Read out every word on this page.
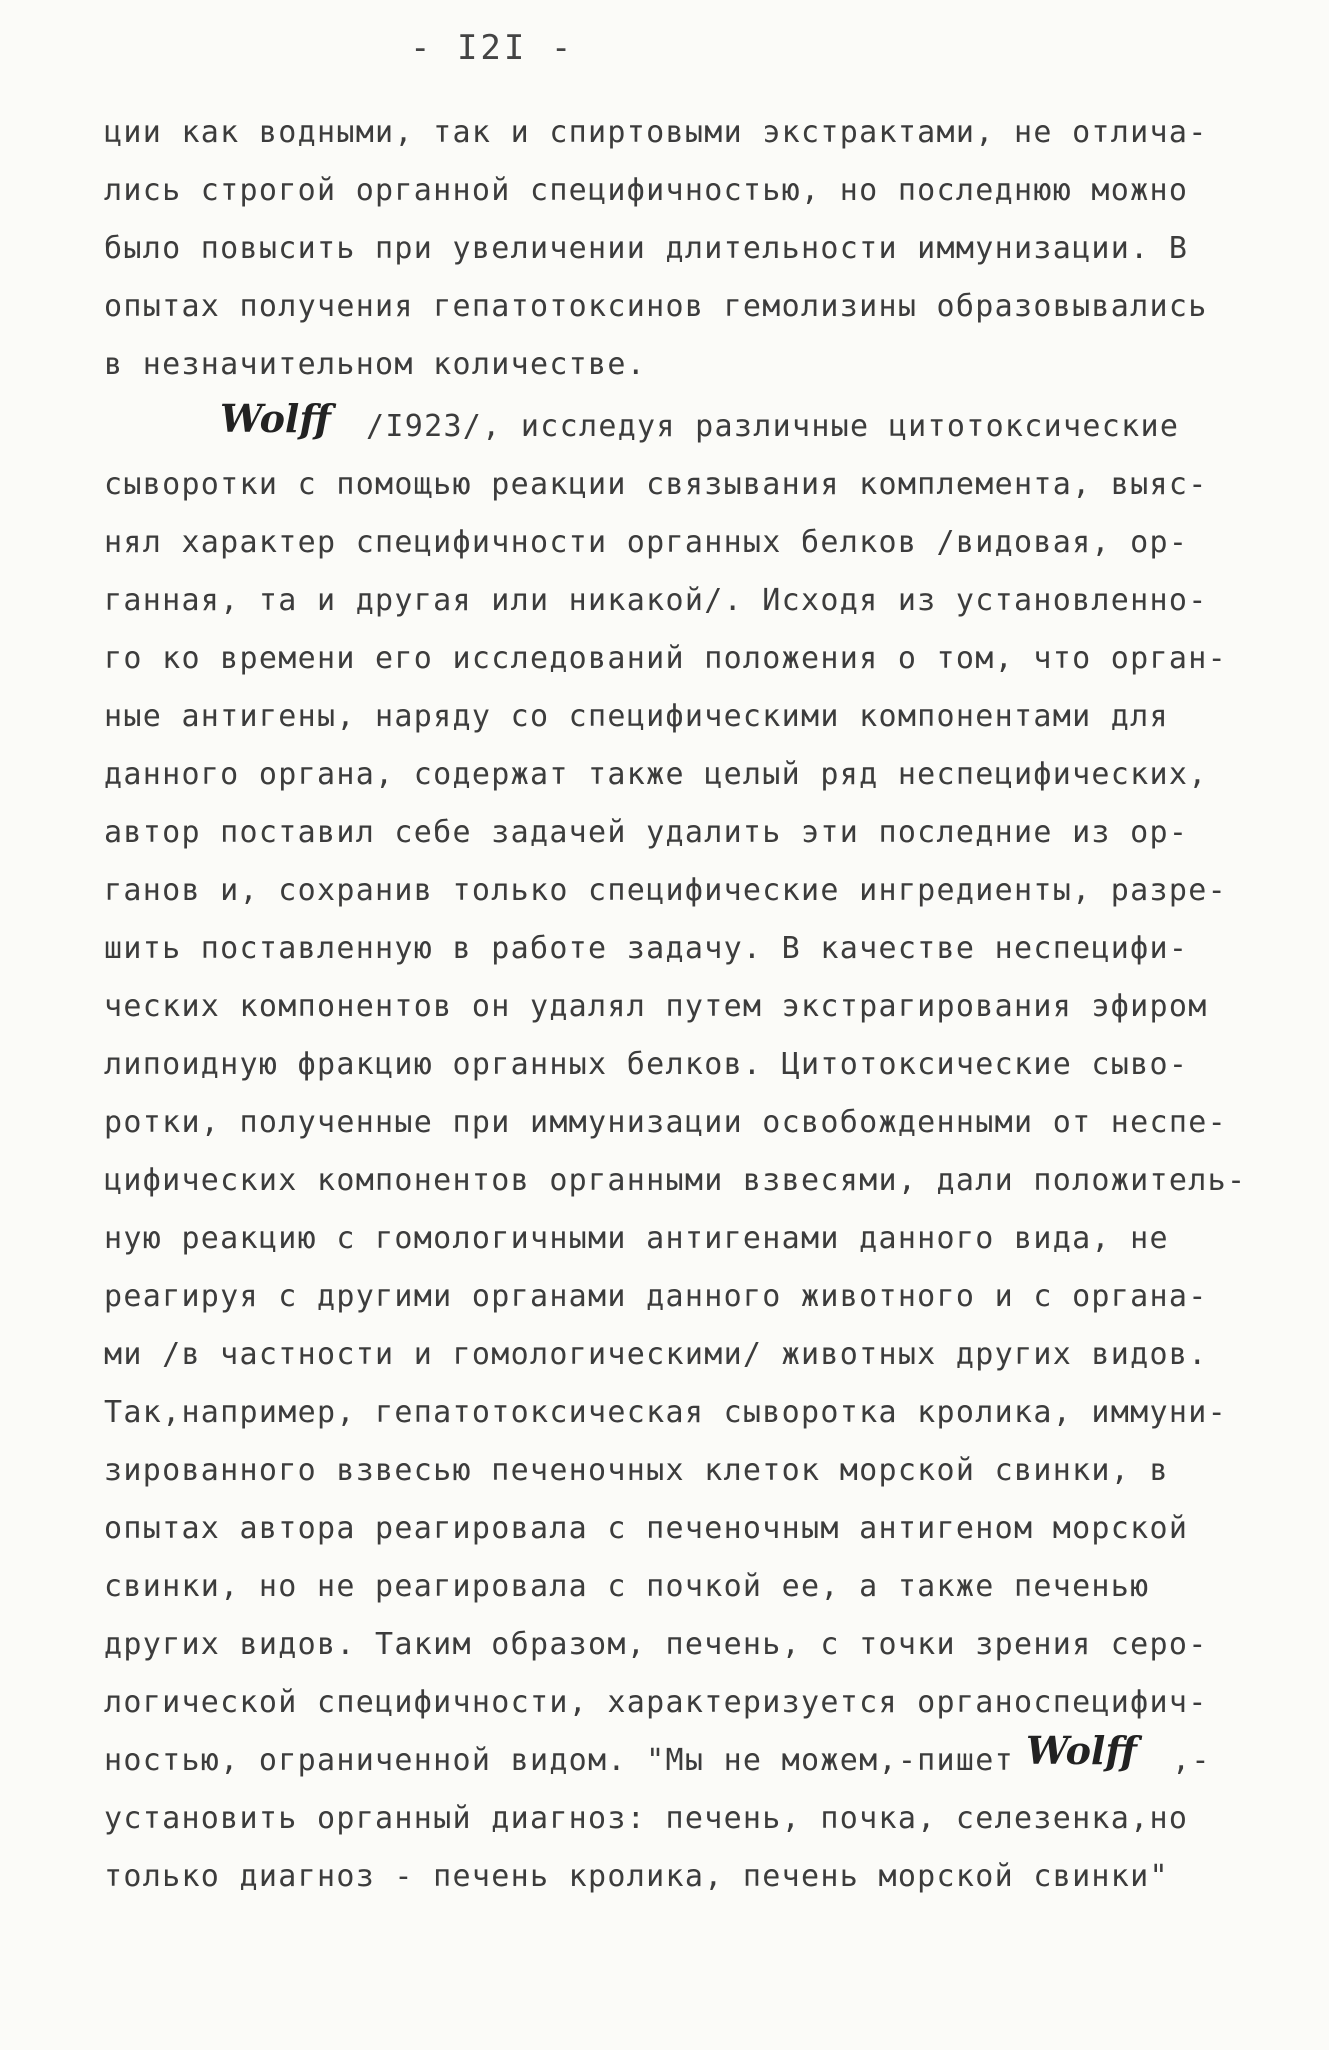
- I2I -
ции как водными, так и спиртовыми экстрактами, не отлича-
лись строгой органной специфичностью, но последнюю можно
было повысить при увеличении длительности иммунизации. В
опытах получения гепатотоксинов гемолизины образовывались
в незначительном количестве.
Wolff /I923/, исследуя различные цитотоксические
сыворотки с помощью реакции связывания комплемента, выяс-
нял характер специфичности органных белков /видовая, ор-
ганная, та и другая или никакой/. Исходя из установленно-
го ко времени его исследований положения о том, что орган-
ные антигены, наряду со специфическими компонентами для
данного органа, содержат также целый ряд неспецифических,
автор поставил себе задачей удалить эти последние из ор-
ганов и, сохранив только специфические ингредиенты, разре-
шить поставленную в работе задачу. В качестве неспецифи-
ческих компонентов он удалял путем экстрагирования эфиром
липоидную фракцию органных белков. Цитотоксические сыво-
ротки, полученные при иммунизации освобожденными от неспе-
цифических компонентов органными взвесями, дали положитель-
ную реакцию с гомологичными антигенами данного вида, не
реагируя с другими органами данного животного и с органа-
ми /в частности и гомологическими/ животных других видов.
Так,например, гепатотоксическая сыворотка кролика, иммуни-
зированного взвесью печеночных клеток морской свинки, в
опытах автора реагировала с печеночным антигеном морской
свинки, но не реагировала с почкой ее, а также печенью
других видов. Таким образом, печень, с точки зрения серо-
логической специфичности, характеризуется органоспецифич-
ностью, ограниченной видом. "Мы не можем,-пишет Wolff ,-
установить органный диагноз: печень, почка, селезенка,но
только диагноз - печень кролика, печень морской свинки"
